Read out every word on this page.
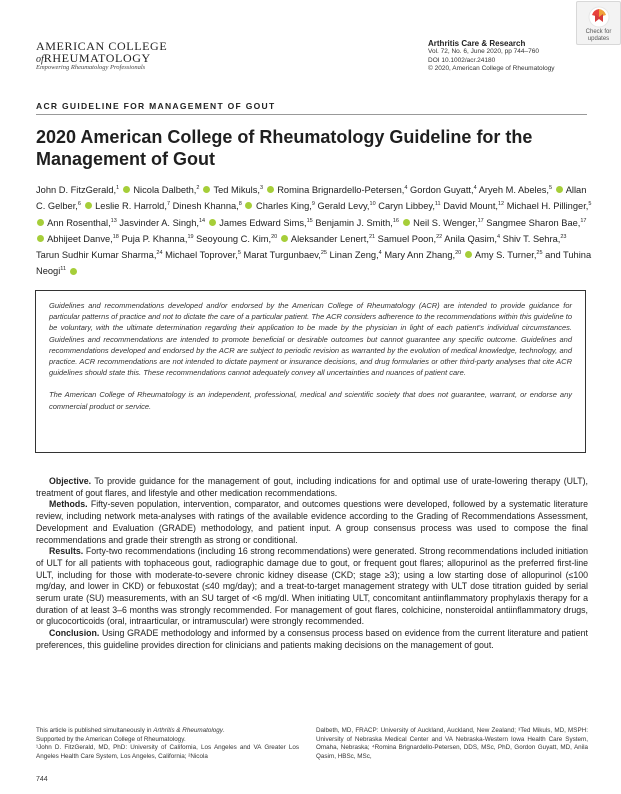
AMERICAN COLLEGE
ofRHEUMATOLOGY
Empowering Rheumatology Professionals
Arthritis Care & Research
Vol. 72, No. 6, June 2020, pp 744–760
DOI 10.1002/acr.24180
© 2020, American College of Rheumatology
Check for
updates
ACR GUIDELINE FOR MANAGEMENT OF GOUT
2020 American College of Rheumatology Guideline for the Management of Gout
John D. FitzGerald,$^1$ Nicola Dalbeth,$^2$ Ted Mikuls,$^3$ Romina Brignardello-Petersen,$^4$ Gordon Guyatt,$^4$ Aryeh M. Abeles,$^5$ Allan C. Gelber,$^6$ Leslie R. Harrold,$^7$ Dinesh Khanna,$^8$ Charles King,$^9$ Gerald Levy,$^{10}$ Caryn Libbey,$^{11}$ David Mount,$^{12}$ Michael H. Pillinger,$^5$  Ann Rosenthal,$^{13}$ Jasvinder A. Singh,$^{14}$ James Edward Sims,$^{15}$ Benjamin J. Smith,$^{16}$ Neil S. Wenger,$^{17}$ Sangmee Sharon Bae,$^{17}$  Abhijeet Danve,$^{18}$ Puja P. Khanna,$^{19}$ Seoyoung C. Kim,$^{20}$ Aleksander Lenert,$^{21}$ Samuel Poon,$^{22}$ Anila Qasim,$^4$ Shiv T. Sehra,$^{23}$ Tarun Sudhir Kumar Sharma,$^{24}$ Michael Toprover,$^5$ Marat Turgunbaev,$^{25}$ Linan Zeng,$^4$ Mary Ann Zhang,$^{20}$ Amy S. Turner,$^{25}$ and Tuhina Neogi$^{11}$

Guidelines and recommendations developed and/or endorsed by the American College of Rheumatology (ACR) are intended to provide guidance for particular patterns of practice and not to dictate the care of a particular patient. The ACR considers adherence to the recommendations within this guideline to be voluntary, with the ultimate determination regarding their application to be made by the physician in light of each patient’s individual circumstances. Guidelines and recommendations are intended to promote beneficial or desirable outcomes but cannot guarantee any specific outcome. Guidelines and recommendations developed and endorsed by the ACR are subject to periodic revision as warranted by the evolution of medical knowledge, technology, and practice. ACR recommendations are not intended to dictate payment or insurance decisions, and drug formularies or other third-party analyses that cite ACR guidelines should state this. These recommendations cannot adequately convey all uncertainties and nuances of patient care.

The American College of Rheumatology is an independent, professional, medical and scientific society that does not guarantee, warrant, or endorse any commercial product or service.

Objective. To provide guidance for the management of gout, including indications for and optimal use of urate-lowering therapy (ULT), treatment of gout flares, and lifestyle and other medication recommendations.

Methods. Fifty-seven population, intervention, comparator, and outcomes questions were developed, followed by a systematic literature review, including network meta-analyses with ratings of the available evidence according to the Grading of Recommendations Assessment, Development and Evaluation (GRADE) methodology, and patient input. A group consensus process was used to compose the final recommendations and grade their strength as strong or conditional.

Results. Forty-two recommendations (including 16 strong recommendations) were generated. Strong recommendations included initiation of ULT for all patients with tophaceous gout, radiographic damage due to gout, or frequent gout flares; allopurinol as the preferred first-line ULT, including for those with moderate-to-severe chronic kidney disease (CKD; stage ≥3); using a low starting dose of allopurinol (≤100 mg/day, and lower in CKD) or febuxostat (≤40 mg/day); and a treat-to-target management strategy with ULT dose titration guided by serial serum urate (SU) measurements, with an SU target of <6 mg/dl. When initiating ULT, concomitant antiinflammatory prophylaxis therapy for a duration of at least 3–6 months was strongly recommended. For management of gout flares, colchicine, nonsteroidal antiinflammatory drugs, or glucocorticoids (oral, intraarticular, or intramuscular) were strongly recommended.

Conclusion. Using GRADE methodology and informed by a consensus process based on evidence from the current literature and patient preferences, this guideline provides direction for clinicians and patients making decisions on the management of gout.

This article is published simultaneously in Arthritis & Rheumatology.

Supported by the American College of Rheumatology.

¹John D. FitzGerald, MD, PhD: University of California, Los Angeles and VA Greater Los Angeles Health Care System, Los Angeles, California; ²Nicola

Dalbeth, MD, FRACP: University of Auckland, Auckland, New Zealand; ³Ted Mikuls, MD, MSPH: University of Nebraska Medical Center and VA Nebraska-Western Iowa Health Care System, Omaha, Nebraska; ⁴Romina Brignardello-Petersen, DDS, MSc, PhD, Gordon Guyatt, MD, Anila Qasim, HBSc, MSc,

744
